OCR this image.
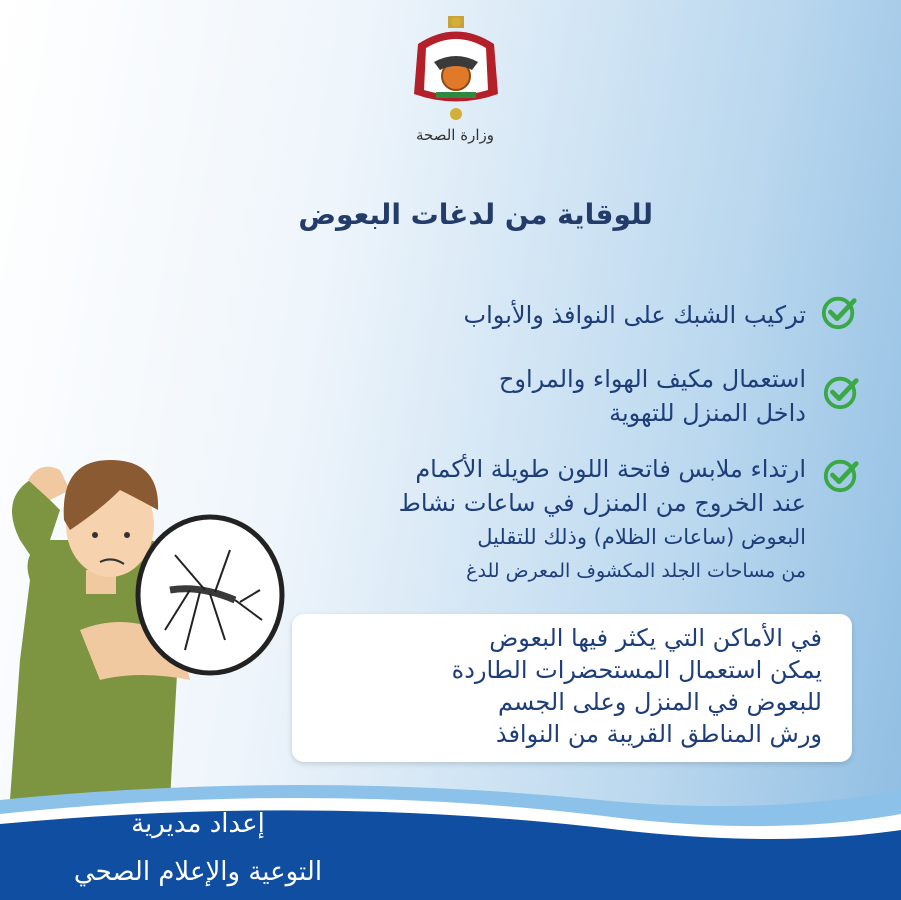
وزارة الصحة
للوقاية من لدغات البعوض
تركيب الشبك على النوافذ والأبواب
استعمال مكيف الهواء والمراوح
داخل المنزل للتهوية
ارتداء ملابس فاتحة اللون طويلة الأكمام
عند الخروج من المنزل في ساعات نشاط
البعوض (ساعات الظلام) وذلك للتقليل
من مساحات الجلد المكشوف المعرض للدغ
في الأماكن التي يكثر فيها البعوض
يمكن استعمال المستحضرات الطاردة
للبعوض في المنزل وعلى الجسم
ورش المناطق القريبة من النوافذ
إعداد مديرية
التوعية والإعلام الصحي
